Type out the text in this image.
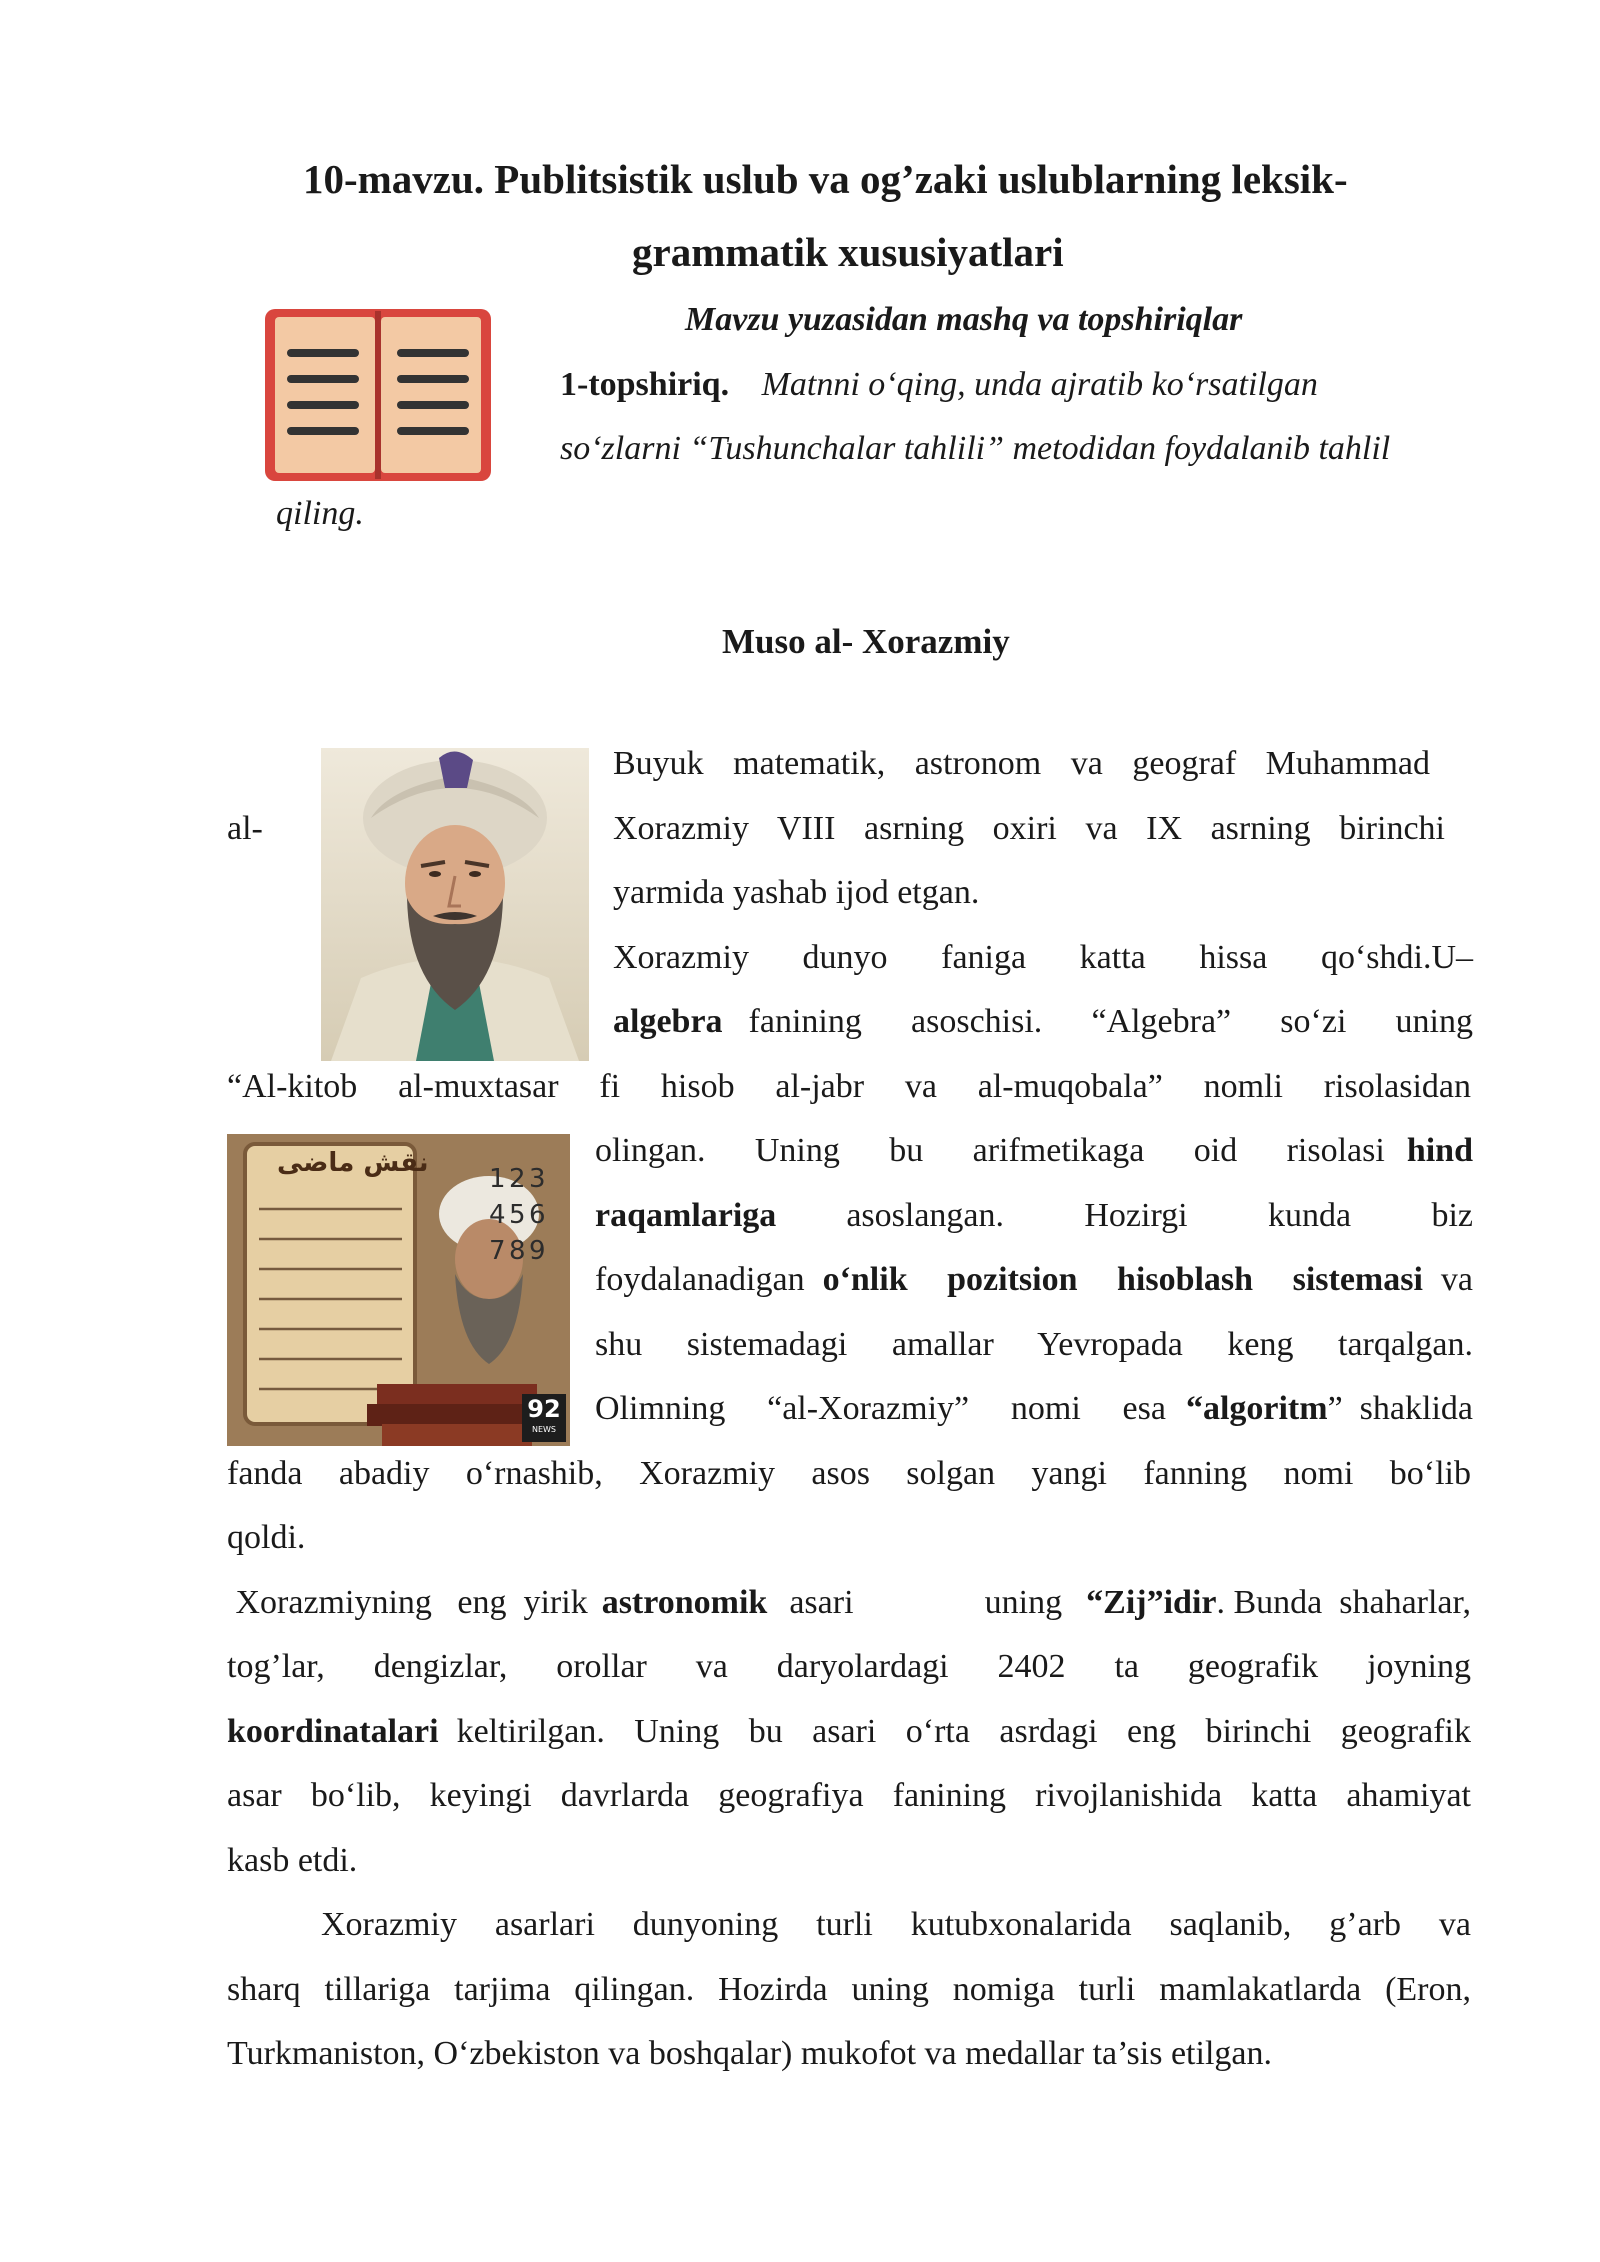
10-mavzu. Publitsistik uslub va og’zaki uslublarning leksik-
grammatik xususiyatlari
Mavzu yuzasidan mashq va topshiriqlar
1-topshiriq. Matnni o‘qing, unda ajratib ko‘rsatilgan
so‘zlarni “Tushunchalar tahlili” metodidan foydalanib tahlil
qiling.
Muso al- Xorazmiy
نقش ماضی
1 2 3
4 5 6
7 8 9
92
NEWS
Buyuk matematik, astronom va geograf Muhammad
al-	Xorazmiy VIII asrning oxiri va IX asrning birinchi
yarmida yashab ijod etgan.
Xorazmiy dunyo faniga katta hissa qo‘shdi.U–
algebra fanining asoschisi. “Algebra” so‘zi uning
“Al-kitob al-muxtasar fi hisob al-jabr va al-muqobala” nomli risolasidan
olingan. Uning bu arifmetikaga oid risolasi hind
raqamlariga asoslangan. Hozirgi kunda biz
foydalanadigan o‘nlik pozitsion hisoblash sistemasi va
shu sistemadagi amallar Yevropada keng tarqalgan.
Olimning “al-Xorazmiy” nomi esa “algoritm ”  shaklida
fanda abadiy o‘rnashib, Xorazmiy asos solgan yangi fanning nomi bo‘lib
qoldi.
Xorazmiyning   eng  yirik astronomik asari uning “Zij”idir . Bunda  shaharlar,
tog’lar, dengizlar, orollar va daryolardagi 2402 ta geografik joyning
koordinatalari keltirilgan. Uning bu asari o‘rta asrdagi eng birinchi geografik
asar bo‘lib, keyingi davrlarda geografiya fanining rivojlanishida katta ahamiyat
kasb etdi.
Xorazmiy asarlari dunyoning turli kutubxonalarida saqlanib, g’arb va
sharq tillariga tarjima qilingan. Hozirda uning nomiga turli mamlakatlarda (Eron,
Turkmaniston, O‘zbekiston va boshqalar) mukofot va medallar ta’sis etilgan.
